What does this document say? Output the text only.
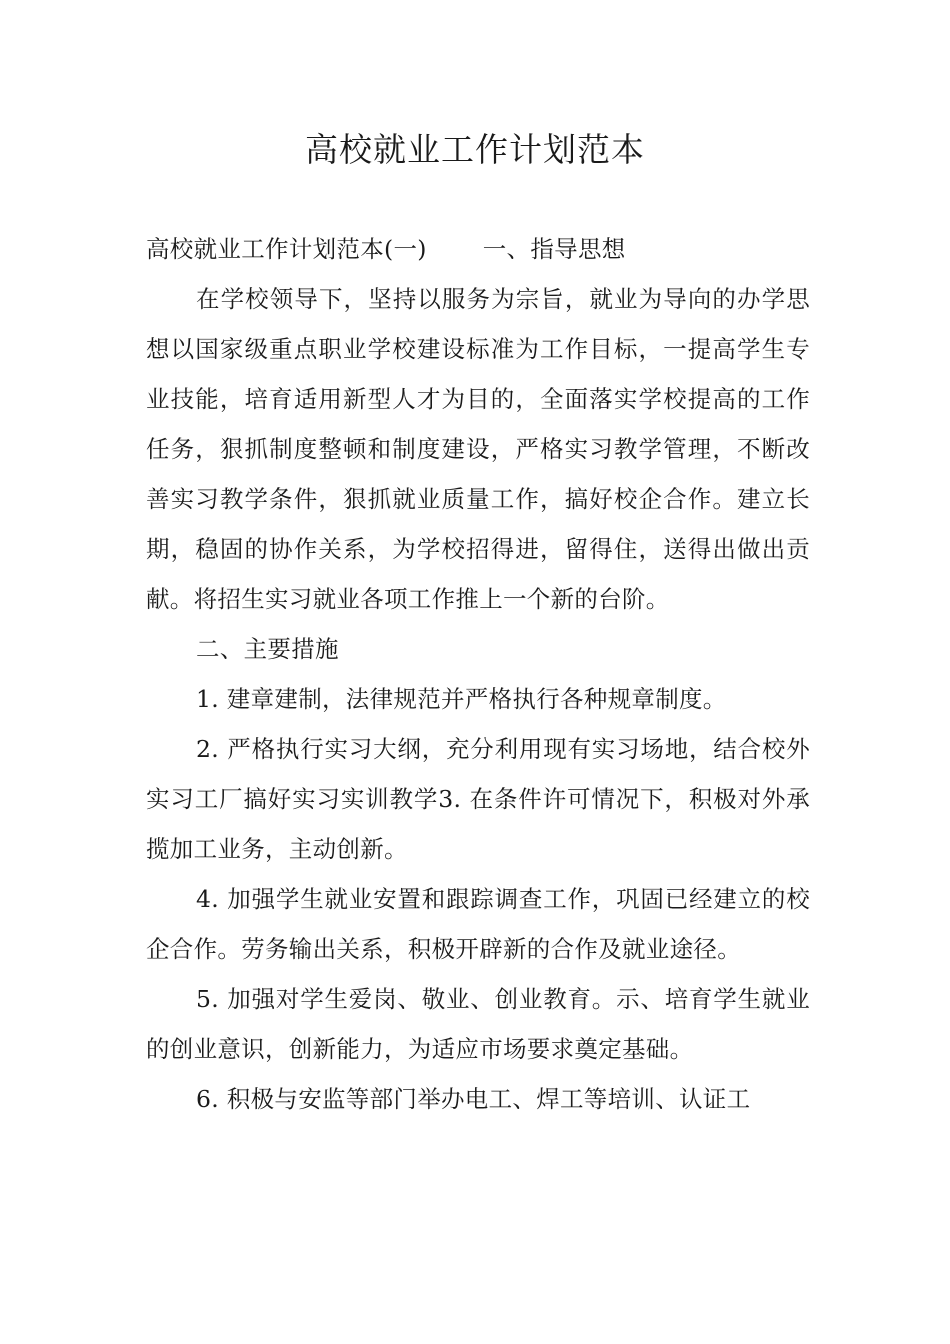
高校就业工作计划范本

高校就业工作计划范本(一) 一、指导思想

在学校领导下，坚持以服务为宗旨，就业为导向的办学思想以国家级重点职业学校建设标准为工作目标，一提高学生专业技能，培育适用新型人才为目的，全面落实学校提高的工作任务，狠抓制度整顿和制度建设，严格实习教学管理，不断改善实习教学条件，狠抓就业质量工作，搞好校企合作。建立长期，稳固的协作关系，为学校招得进，留得住，送得出做出贡献。将招生实习就业各项工作推上一个新的台阶。

二、主要措施

1. 建章建制，法律规范并严格执行各种规章制度。

2. 严格执行实习大纲，充分利用现有实习场地，结合校外实习工厂搞好实习实训教学3. 在条件许可情况下，积极对外承揽加工业务，主动创新。

4. 加强学生就业安置和跟踪调查工作，巩固已经建立的校企合作。劳务输出关系，积极开辟新的合作及就业途径。

5. 加强对学生爱岗、敬业、创业教育。示、培育学生就业的创业意识，创新能力，为适应市场要求奠定基础。

6. 积极与安监等部门举办电工、焊工等培训、认证工
